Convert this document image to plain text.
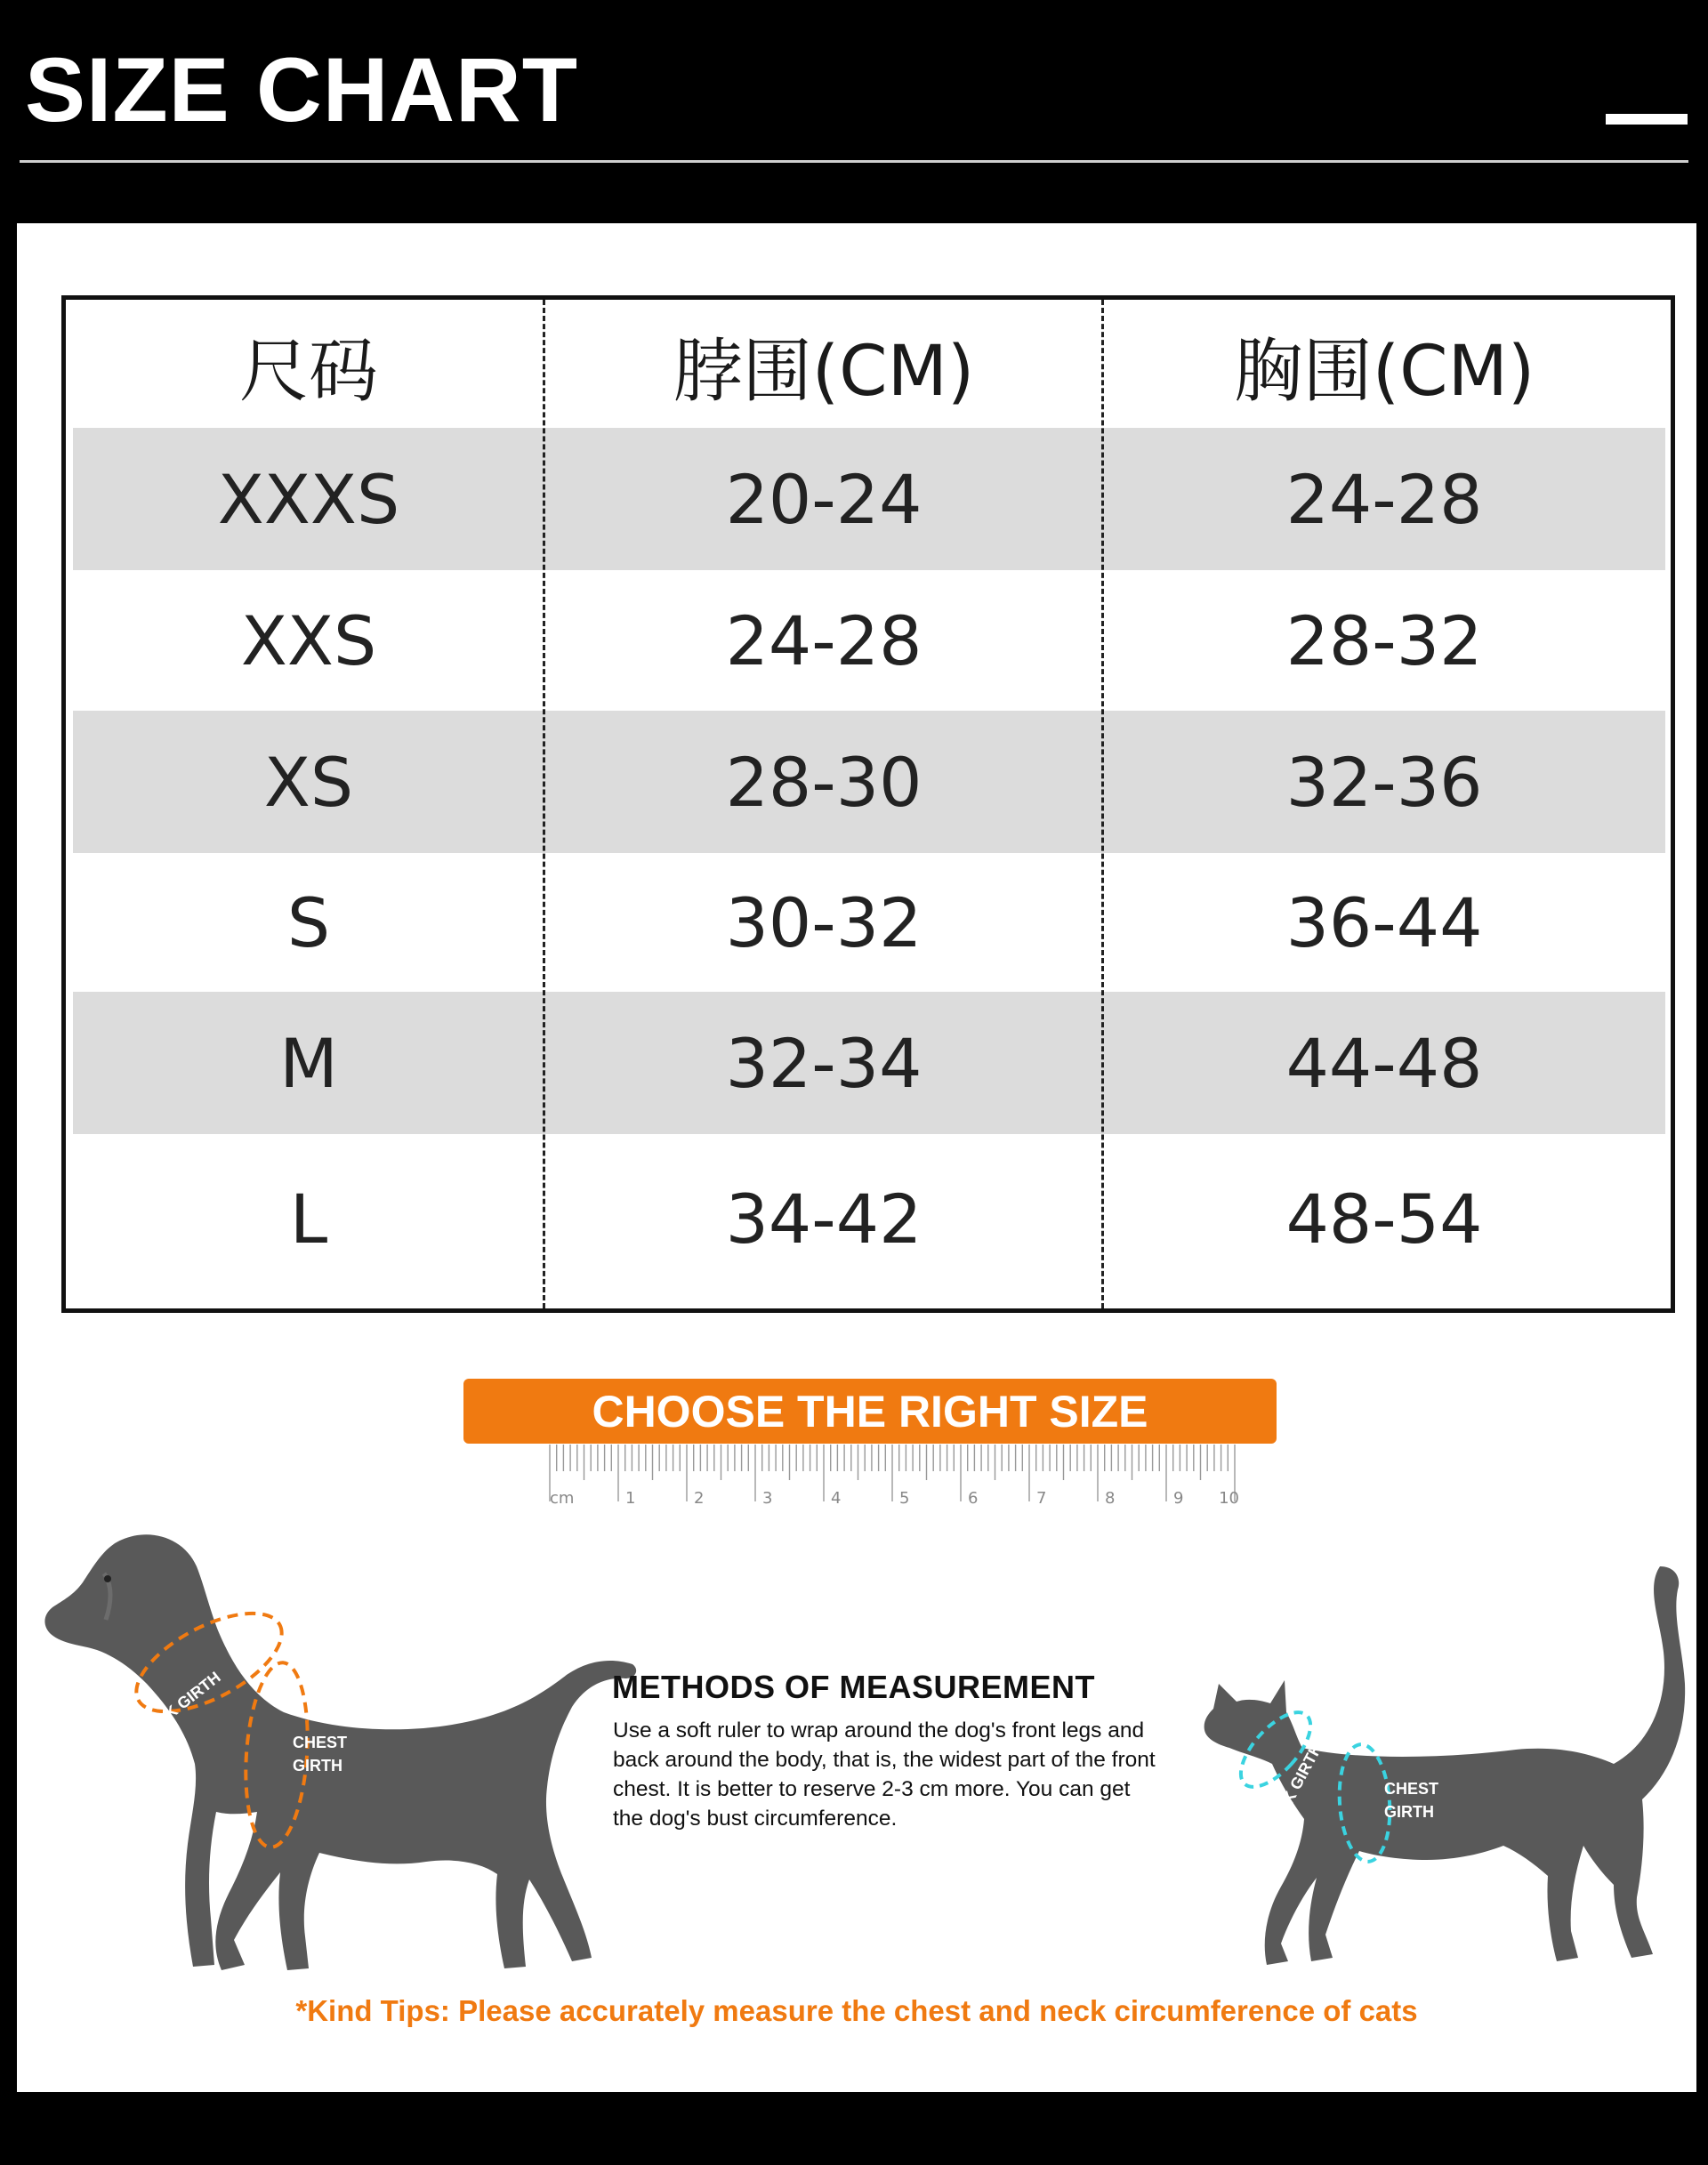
SIZE CHART
尺码	脖围(CM)	胸围(CM)
XXXS	20-24	24-28
XXS	24-28	28-32
XS	28-30	32-36
S	30-32	36-44
M	32-34	44-48
L	34-42	48-54
CHOOSE THE RIGHT SIZE
cm	1	2	3	4	5	6	7	8	9 10
NECK GIRTH	CHEST
GIRTH
METHODS OF MEASUREMENT
Use a soft ruler to wrap around the dog's front legs and back around the body, that is, the widest part of the front chest. It is better to reserve 2-3 cm more. You can get the dog's bust circumference.	NECK GIRTH	CHEST
GIRTH
*Kind Tips: Please accurately measure the chest and neck circumference of cats
